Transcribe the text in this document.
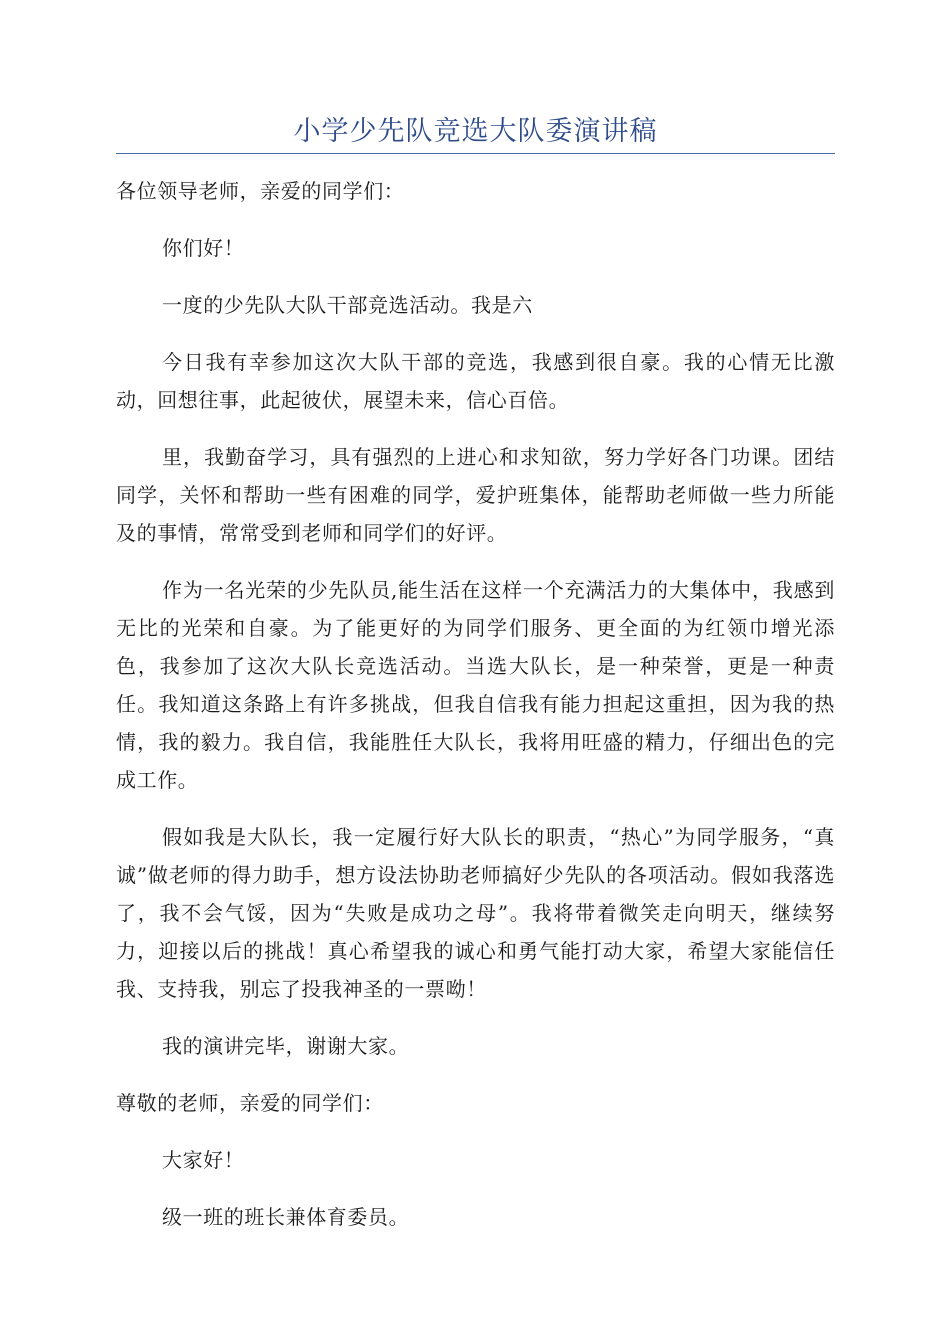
小学少先队竞选大队委演讲稿

各位领导老师，亲爱的同学们：

你们好！

一度的少先队大队干部竞选活动。我是六

今日我有幸参加这次大队干部的竞选，我感到很自豪。我的心情无比激动，回想往事，此起彼伏，展望未来，信心百倍。

里，我勤奋学习，具有强烈的上进心和求知欲，努力学好各门功课。团结同学，关怀和帮助一些有困难的同学，爱护班集体，能帮助老师做一些力所能及的事情，常常受到老师和同学们的好评。

作为一名光荣的少先队员,能生活在这样一个充满活力的大集体中，我感到无比的光荣和自豪。为了能更好的为同学们服务、更全面的为红领巾增光添色，我参加了这次大队长竞选活动。当选大队长，是一种荣誉，更是一种责任。我知道这条路上有许多挑战，但我自信我有能力担起这重担，因为我的热情，我的毅力。我自信，我能胜任大队长，我将用旺盛的精力，仔细出色的完成工作。

假如我是大队长，我一定履行好大队长的职责，“热心”为同学服务，“真诚”做老师的得力助手，想方设法协助老师搞好少先队的各项活动。假如我落选了，我不会气馁，因为“失败是成功之母”。我将带着微笑走向明天，继续努力，迎接以后的挑战！真心希望我的诚心和勇气能打动大家，希望大家能信任我、支持我，别忘了投我神圣的一票呦！

我的演讲完毕，谢谢大家。

尊敬的老师，亲爱的同学们：

大家好！

级一班的班长兼体育委员。
